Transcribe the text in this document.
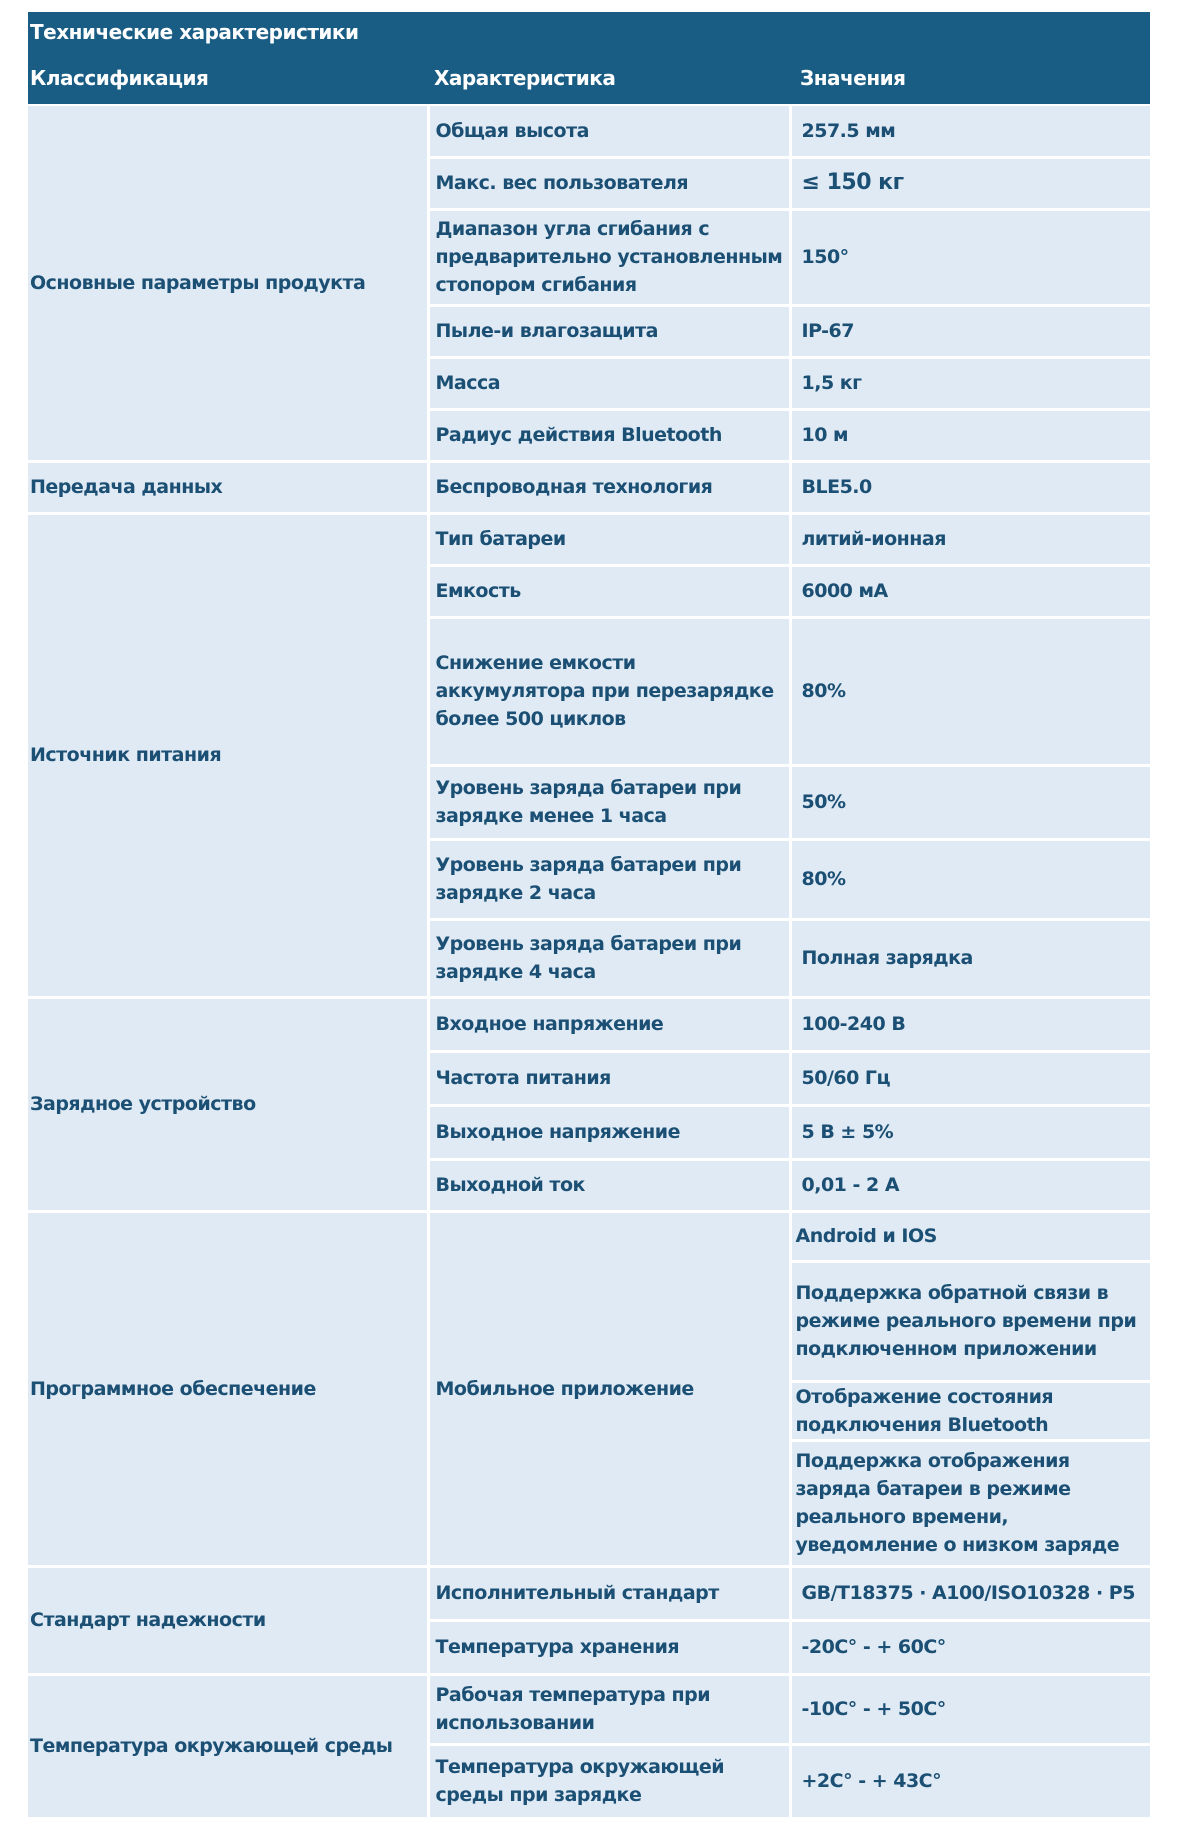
Технические характеристики		
Классификация	Характеристика	Значения
Основные параметры продукта	Общая высота	257.5 мм
	Макс. вес пользователя	≤ 150 кг
	Диапазон угла сгибания с предварительно установленным стопором сгибания	150°
	Пыле-и влагозащита	IP-67
	Масса	1,5 кг
	Радиус действия Bluetooth	10 м
Передача данных	Беспроводная технология	BLE5.0
Источник питания	Тип батареи	литий-ионная
	Емкость	6000 мА
	Снижение емкости аккумулятора при перезарядке более 500 циклов	80%
	Уровень заряда батареи при зарядке менее 1 часа	50%
	Уровень заряда батареи при зарядке 2 часа	80%
	Уровень заряда батареи при зарядке 4 часа	Полная зарядка
Зарядное устройство	Входное напряжение	100-240 В
	Частота питания	50/60 Гц
	Выходное напряжение	5 В ± 5%
	Выходной ток	0,01 - 2 А
Программное обеспечение	Мобильное приложение	Android и IOS
		Поддержка обратной связи в режиме реального времени при подключенном приложении
		Отображение состояния подключения Bluetooth
		Поддержка отображения заряда батареи в режиме реального времени, уведомление о низком заряде
Стандарт надежности	Исполнительный стандарт	GB/T18375 · A100/ISO10328 · P5
	Температура хранения	-20C° - + 60C°
Температура окружающей среды	Рабочая температура при использовании	-10C° - + 50C°
	Температура окружающей среды при зарядке	+2C° - + 43C°
